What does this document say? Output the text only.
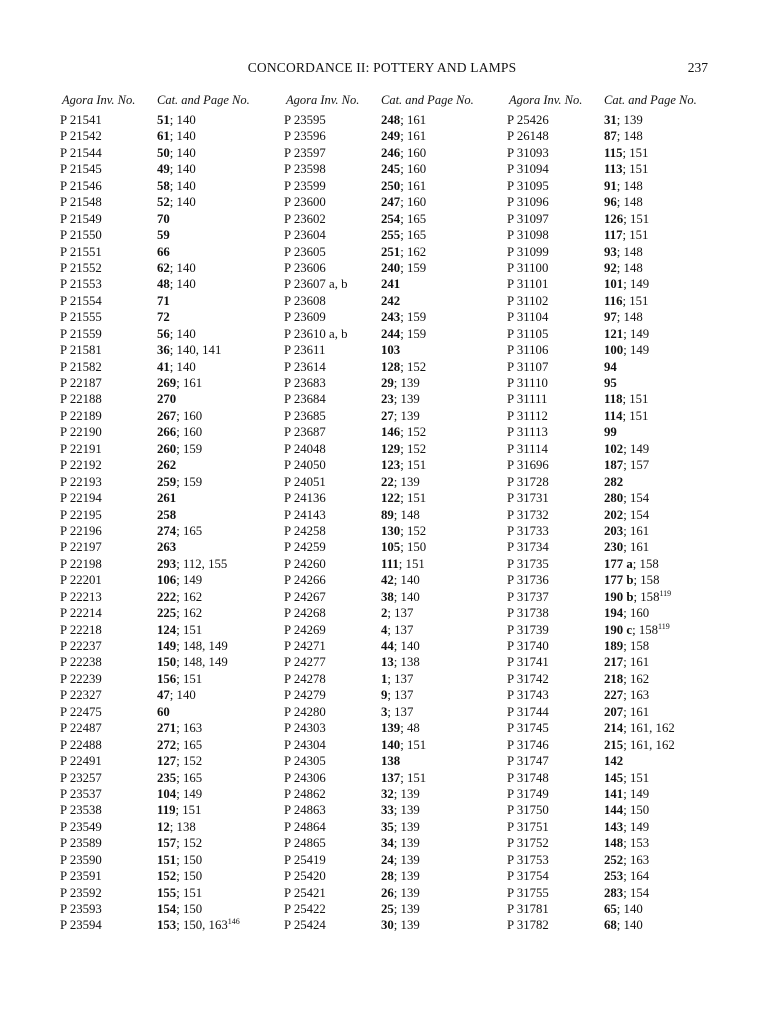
CONCORDANCE II: POTTERY AND LAMPS	237
Agora Inv. No. Cat. and Page No.	Agora Inv. No. Cat. and Page No.	Agora Inv. No. Cat. and Page No.
P 21541	51; 140
P 21542	61; 140
P 21544	50; 140
P 21545	49; 140
P 21546	58; 140
P 21548	52; 140
P 21549	70
P 21550	59
P 21551	66
P 21552	62; 140
P 21553	48; 140
P 21554	71
P 21555	72
P 21559	56; 140
P 21581	36; 140, 141
P 21582	41; 140
P 22187	269; 161
P 22188	270
P 22189	267; 160
P 22190	266; 160
P 22191	260; 159
P 22192	262
P 22193	259; 159
P 22194	261
P 22195	258
P 22196	274; 165
P 22197	263
P 22198	293; 112, 155
P 22201	106; 149
P 22213	222; 162
P 22214	225; 162
P 22218	124; 151
P 22237	149; 148, 149
P 22238	150; 148, 149
P 22239	156; 151
P 22327	47; 140
P 22475	60
P 22487	271; 163
P 22488	272; 165
P 22491	127; 152
P 23257	235; 165
P 23537	104; 149
P 23538	119; 151
P 23549	12; 138
P 23589	157; 152
P 23590	151; 150
P 23591	152; 150
P 23592	155; 151
P 23593	154; 150
P 23594	153; 150, $163^{146}$
P 23595	248; 161
P 23596	249; 161
P 23597	246; 160
P 23598	245; 160
P 23599	250; 161
P 23600	247; 160
P 23602	254; 165
P 23604	255; 165
P 23605	251; 162
P 23606	240; 159
P 23607 a, b	241
P 23608	242
P 23609	243; 159
P 23610 a, b	244; 159
P 23611	103
P 23614	128; 152
P 23683	29; 139
P 23684	23; 139
P 23685	27; 139
P 23687	146; 152
P 24048	129; 152
P 24050	123; 151
P 24051	22; 139
P 24136	122; 151
P 24143	89; 148
P 24258	130; 152
P 24259	105; 150
P 24260	111; 151
P 24266	42; 140
P 24267	38; 140
P 24268	2; 137
P 24269	4; 137
P 24271	44; 140
P 24277	13; 138
P 24278	1; 137
P 24279	9; 137
P 24280	3; 137
P 24303	139; 48
P 24304	140; 151
P 24305	138
P 24306	137; 151
P 24862	32; 139
P 24863	33; 139
P 24864	35; 139
P 24865	34; 139
P 25419	24; 139
P 25420	28; 139
P 25421	26; 139
P 25422	25; 139
P 25424	30; 139
P 25426	31; 139
P 26148	87; 148
P 31093	115; 151
P 31094	113; 151
P 31095	91; 148
P 31096	96; 148
P 31097	126; 151
P 31098	117; 151
P 31099	93; 148
P 31100	92; 148
P 31101	101; 149
P 31102	116; 151
P 31104	97; 148
P 31105	121; 149
P 31106	100; 149
P 31107	94
P 31110	95
P 31111	118; 151
P 31112	114; 151
P 31113	99
P 31114	102; 149
P 31696	187; 157
P 31728	282
P 31731	280; 154
P 31732	202; 154
P 31733	203; 161
P 31734	230; 161
P 31735	177 a; 158
P 31736	177 b; 158
P 31737	190 b; $158^{119}$
P 31738	194; 160
P 31739	190 c; $158^{119}$
P 31740	189; 158
P 31741	217; 161
P 31742	218; 162
P 31743	227; 163
P 31744	207; 161
P 31745	214; 161, 162
P 31746	215; 161, 162
P 31747	142
P 31748	145; 151
P 31749	141; 149
P 31750	144; 150
P 31751	143; 149
P 31752	148; 153
P 31753	252; 163
P 31754	253; 164
P 31755	283; 154
P 31781	65; 140
P 31782	68; 140
